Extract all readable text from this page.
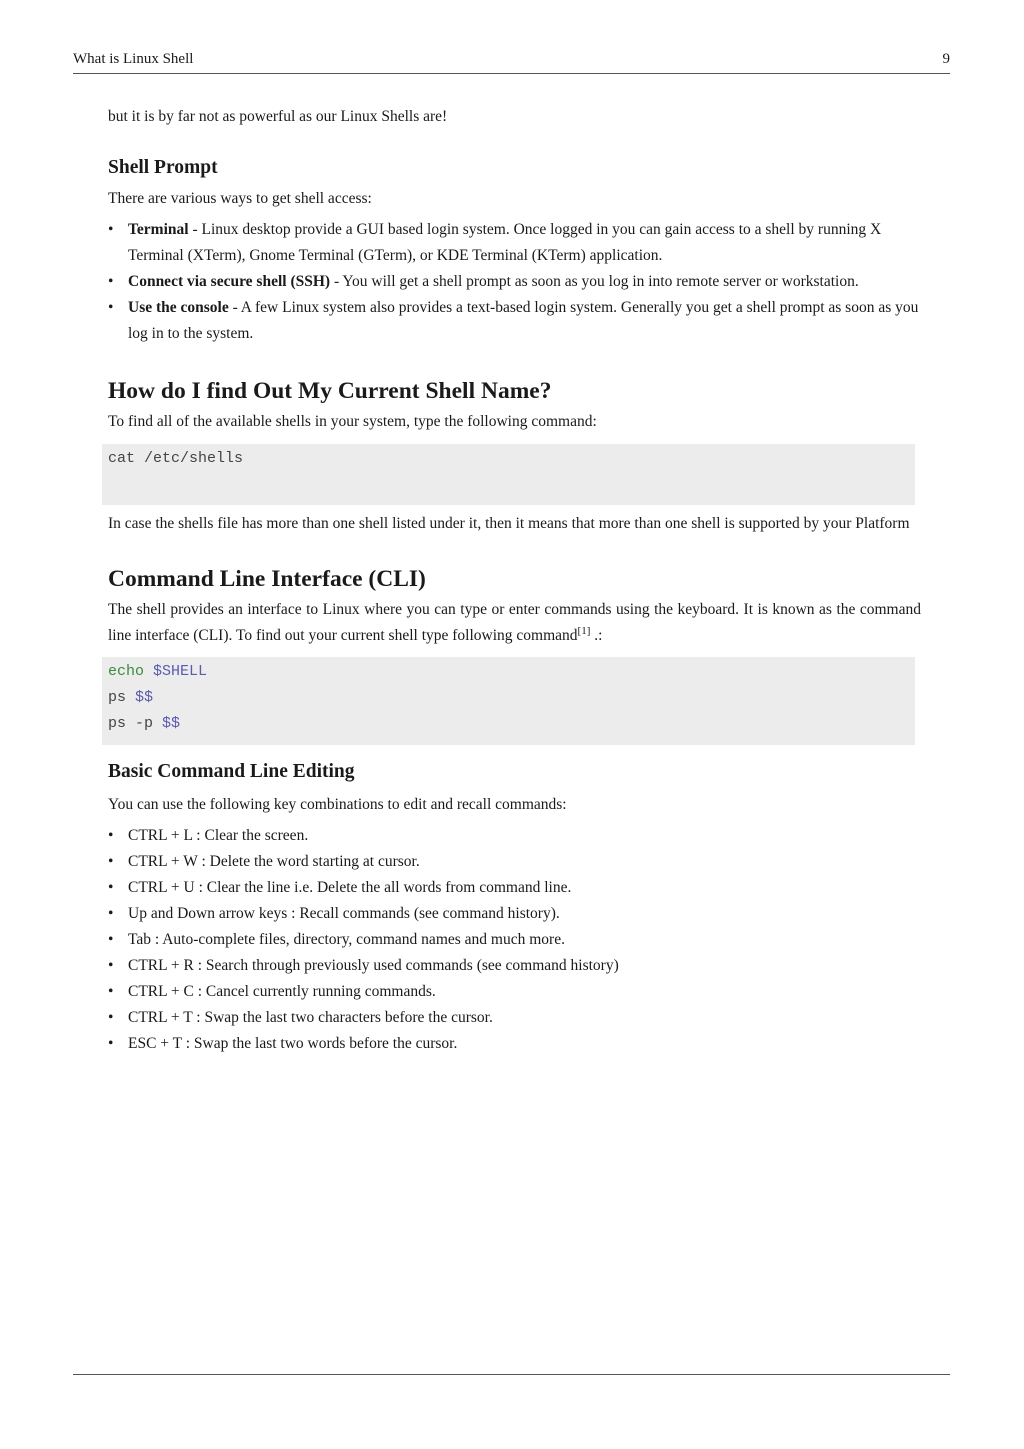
What is Linux Shell	9

but it is by far not as powerful as our Linux Shells are!

Shell Prompt

There are various ways to get shell access:

• Terminal - Linux desktop provide a GUI based login system. Once logged in you can gain access to a shell by running X Terminal (XTerm), Gnome Terminal (GTerm), or KDE Terminal (KTerm) application.
• Connect via secure shell (SSH) - You will get a shell prompt as soon as you log in into remote server or workstation.
• Use the console - A few Linux system also provides a text-based login system. Generally you get a shell prompt as soon as you log in to the system.
How do I find Out My Current Shell Name?

To find all of the available shells in your system, type the following command:

cat /etc/shells

In case the shells file has more than one shell listed under it, then it means that more than one shell is supported by your Platform

Command Line Interface (CLI)

The shell provides an interface to Linux where you can type or enter commands using the keyboard. It is known as the command line interface (CLI). To find out your current shell type following command[1] .:

echo $SHELL
ps $$
ps -p $$
Basic Command Line Editing

You can use the following key combinations to edit and recall commands:

• CTRL + L : Clear the screen.
• CTRL + W : Delete the word starting at cursor.
• CTRL + U : Clear the line i.e. Delete the all words from command line.
• Up and Down arrow keys : Recall commands (see command history).
• Tab : Auto-complete files, directory, command names and much more.
• CTRL + R : Search through previously used commands (see command history)
• CTRL + C : Cancel currently running commands.
• CTRL + T : Swap the last two characters before the cursor.
• ESC + T : Swap the last two words before the cursor.
